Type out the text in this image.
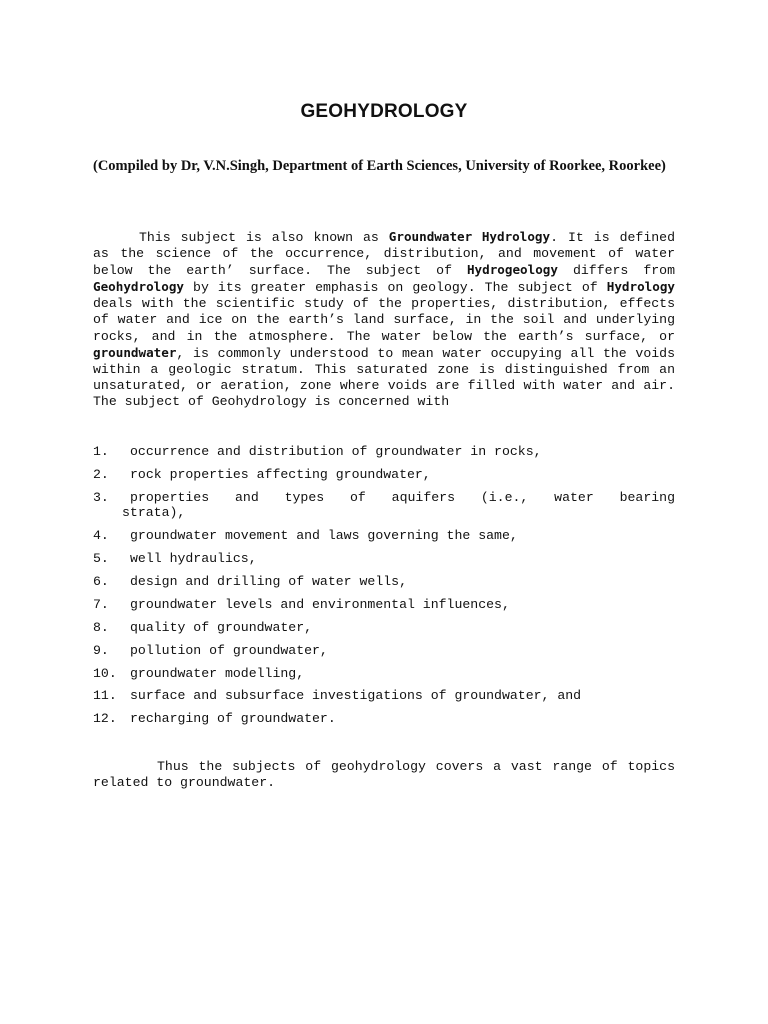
GEOHYDROLOGY
(Compiled by Dr, V.N.Singh, Department of Earth Sciences, University of Roorkee, Roorkee)

This subject is also known as Groundwater Hydrology. It is defined as the science of the occurrence, distribution, and movement of water below the earth’ surface. The subject of Hydrogeology differs from Geohydrology by its greater emphasis on geology. The subject of Hydrology deals with the scientific study of the properties, distribution, effects of water and ice on the earth’s land surface, in the soil and underlying rocks, and in the atmosphere. The water below the earth’s surface, or groundwater, is commonly understood to mean water occupying all the voids within a geologic stratum. This saturated zone is distinguished from an unsaturated, or aeration, zone where voids are filled with water and air. The subject of Geohydrology is concerned with

1.	occurrence and distribution of groundwater in rocks,
2.	rock properties affecting groundwater,
3.	properties and types of aquifers (i.e., water bearing
strata),
4.	groundwater movement and laws governing the same,
5.	well hydraulics,
6.	design and drilling of water wells,
7.	groundwater levels and environmental influences,
8.	quality of groundwater,
9.	pollution of groundwater,
10.	groundwater modelling,
11.	surface and subsurface investigations of groundwater, and
12.	recharging of groundwater.

Thus the subjects of geohydrology covers a vast range of topics related to groundwater.
